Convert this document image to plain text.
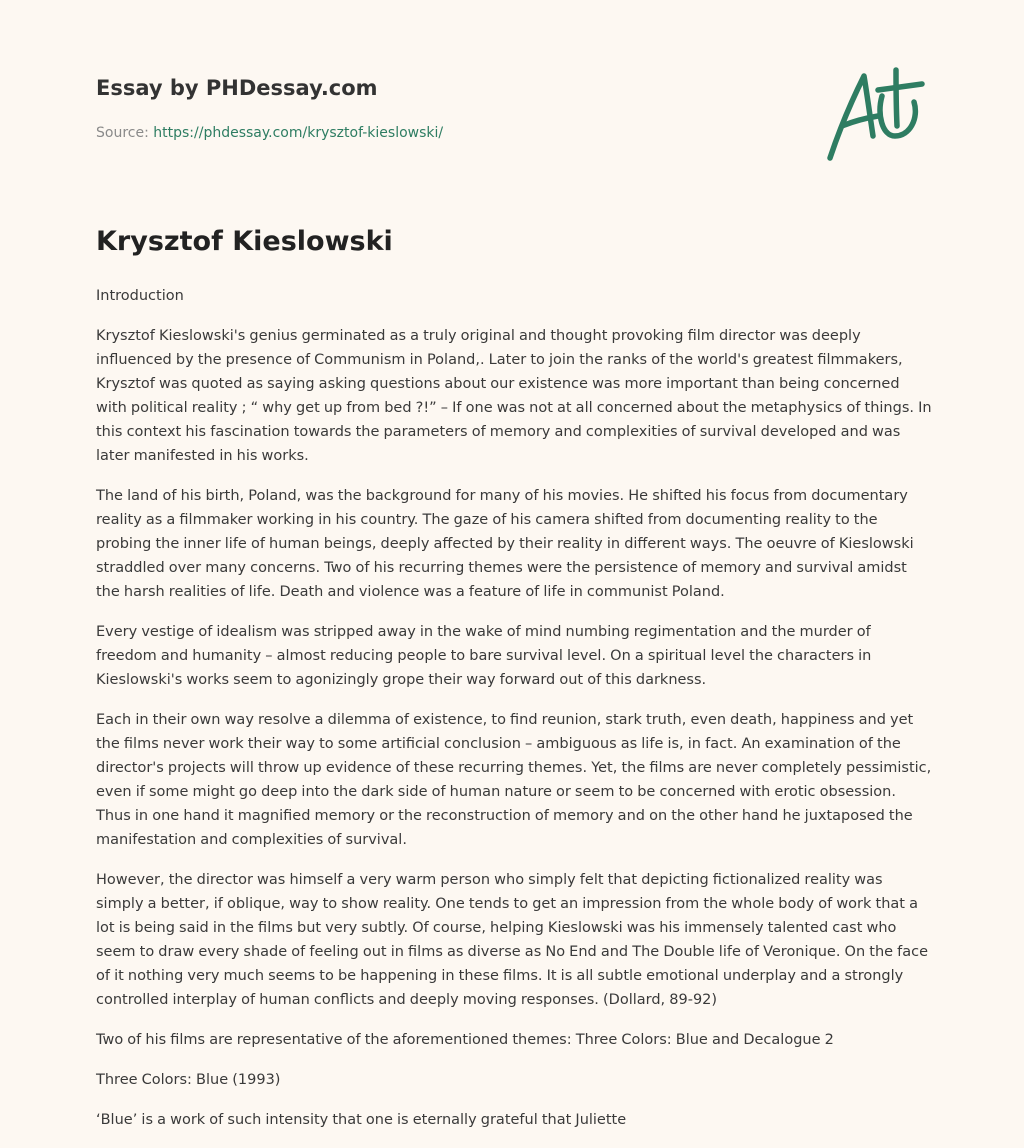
Essay by PHDessay.com
Source: https://phdessay.com/krysztof-kieslowski/
Krysztof Kieslowski

Introduction

Krysztof Kieslowski's genius germinated as a truly original and thought provoking film director was deeply influenced by the presence of Communism in Poland,. Later to join the ranks of the world's greatest filmmakers, Krysztof was quoted as saying asking questions about our existence was more important than being concerned with political reality ; “ why get up from bed ?!” – If one was not at all concerned about the metaphysics of things. In this context his fascination towards the parameters of memory and complexities of survival developed and was later manifested in his works.

The land of his birth, Poland, was the background for many of his movies. He shifted his focus from documentary reality as a filmmaker working in his country. The gaze of his camera shifted from documenting reality to the probing the inner life of human beings, deeply affected by their reality in different ways. The oeuvre of Kieslowski straddled over many concerns. Two of his recurring themes were the persistence of memory and survival amidst the harsh realities of life. Death and violence was a feature of life in communist Poland.

Every vestige of idealism was stripped away in the wake of mind numbing regimentation and the murder of freedom and humanity – almost reducing people to bare survival level. On a spiritual level the characters in Kieslowski's works seem to agonizingly grope their way forward out of this darkness.

Each in their own way resolve a dilemma of existence, to find reunion, stark truth, even death, happiness and yet the films never work their way to some artificial conclusion – ambiguous as life is, in fact. An examination of the director's projects will throw up evidence of these recurring themes. Yet, the films are never completely pessimistic, even if some might go deep into the dark side of human nature or seem to be concerned with erotic obsession. Thus in one hand it magnified memory or the reconstruction of memory and on the other hand he juxtaposed the manifestation and complexities of survival.

However, the director was himself a very warm person who simply felt that depicting fictionalized reality was simply a better, if oblique, way to show reality. One tends to get an impression from the whole body of work that a lot is being said in the films but very subtly. Of course, helping Kieslowski was his immensely talented cast who seem to draw every shade of feeling out in films as diverse as No End and The Double life of Veronique. On the face of it nothing very much seems to be happening in these films. It is all subtle emotional underplay and a strongly controlled interplay of human conflicts and deeply moving responses. (Dollard, 89-92)

Two of his films are representative of the aforementioned themes: Three Colors: Blue and Decalogue 2

Three Colors: Blue (1993)

‘Blue’ is a work of such intensity that one is eternally grateful that Juliette
